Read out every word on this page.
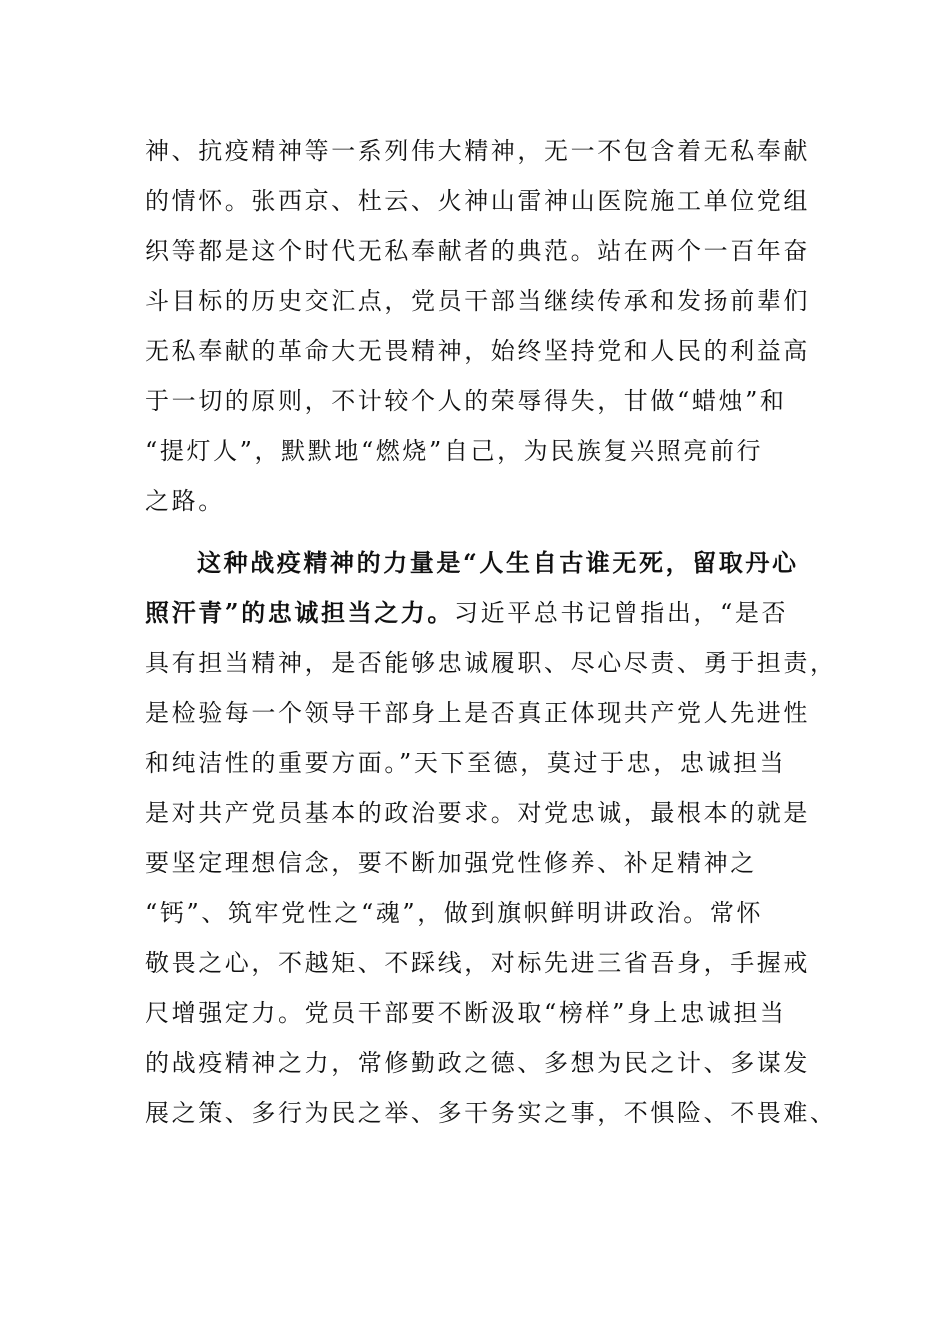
神、抗疫精神等一系列伟大精神，无一不包含着无私奉献
的情怀。张西京、杜云、火神山雷神山医院施工单位党组
织等都是这个时代无私奉献者的典范。站在两个一百年奋
斗目标的历史交汇点，党员干部当继续传承和发扬前辈们
无私奉献的革命大无畏精神，始终坚持党和人民的利益高
于一切的原则，不计较个人的荣辱得失，甘做“蜡烛”和
“提灯人”，默默地“燃烧”自己，为民族复兴照亮前行
之路。
这种战疫精神的力量是“人生自古谁无死，留取丹心
照汗青”的忠诚担当之力。习近平总书记曾指出，“是否
具有担当精神，是否能够忠诚履职、尽心尽责、勇于担责，
是检验每一个领导干部身上是否真正体现共产党人先进性
和纯洁性的重要方面。”天下至德，莫过于忠，忠诚担当
是对共产党员基本的政治要求。对党忠诚，最根本的就是
要坚定理想信念，要不断加强党性修养、补足精神之
“钙”、筑牢党性之“魂”，做到旗帜鲜明讲政治。常怀
敬畏之心，不越矩、不踩线，对标先进三省吾身，手握戒
尺增强定力。党员干部要不断汲取“榜样”身上忠诚担当
的战疫精神之力，常修勤政之德、多想为民之计、多谋发
展之策、多行为民之举、多干务实之事，不惧险、不畏难、
